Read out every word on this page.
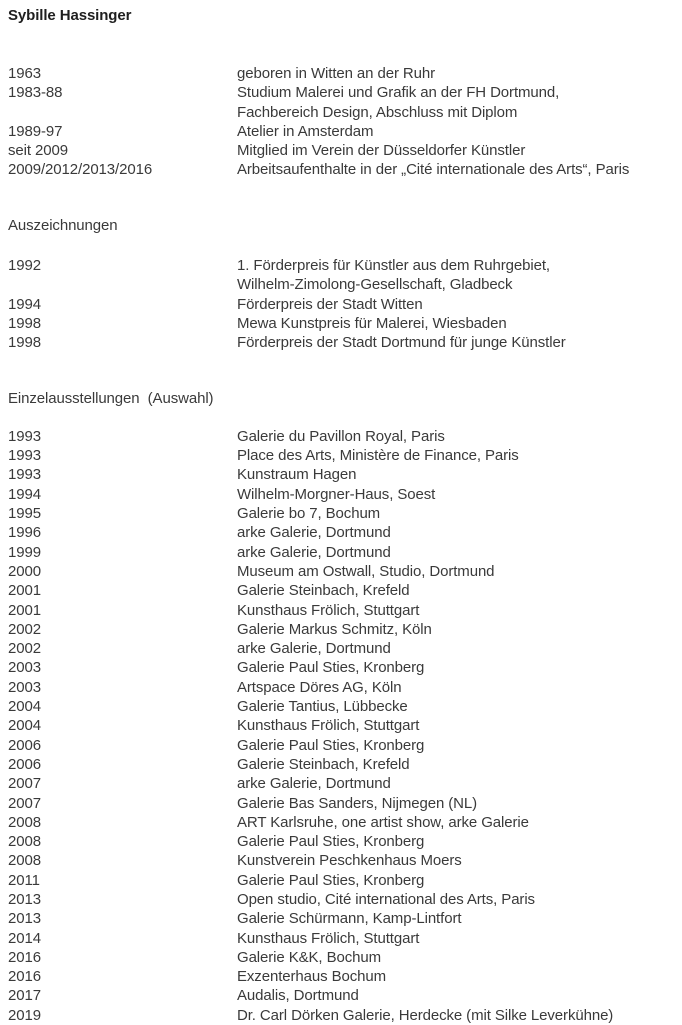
Sybille Hassinger
1963	geboren in Witten an der Ruhr
1983-88	Studium Malerei und Grafik an der FH Dortmund,
Fachbereich Design, Abschluss mit Diplom
1989-97	Atelier in Amsterdam
seit 2009	Mitglied im Verein der Düsseldorfer Künstler
2009/2012/2013/2016	Arbeitsaufenthalte in der „Cité internationale des Arts“, Paris
Auszeichnungen
1992	1. Förderpreis für Künstler aus dem Ruhrgebiet,
Wilhelm-Zimolong-Gesellschaft, Gladbeck
1994	Förderpreis der Stadt Witten
1998	Mewa Kunstpreis für Malerei, Wiesbaden
1998	Förderpreis der Stadt Dortmund für junge Künstler
Einzelausstellungen  (Auswahl)
1993	Galerie du Pavillon Royal, Paris
1993	Place des Arts, Ministère de Finance, Paris
1993	Kunstraum Hagen
1994	Wilhelm-Morgner-Haus, Soest
1995	Galerie bo 7, Bochum
1996	arke Galerie, Dortmund
1999	arke Galerie, Dortmund
2000	Museum am Ostwall, Studio, Dortmund
2001	Galerie Steinbach, Krefeld
2001	Kunsthaus Frölich, Stuttgart
2002	Galerie Markus Schmitz, Köln
2002	arke Galerie, Dortmund
2003	Galerie Paul Sties, Kronberg
2003	Artspace Döres AG, Köln
2004	Galerie Tantius, Lübbecke
2004	Kunsthaus Frölich, Stuttgart
2006	Galerie Paul Sties, Kronberg
2006	Galerie Steinbach, Krefeld
2007	arke Galerie, Dortmund
2007	Galerie Bas Sanders, Nijmegen (NL)
2008	ART Karlsruhe, one artist show, arke Galerie
2008	Galerie Paul Sties, Kronberg
2008	Kunstverein Peschkenhaus Moers
2011	Galerie Paul Sties, Kronberg
2013	Open studio, Cité international des Arts, Paris
2013	Galerie Schürmann, Kamp-Lintfort
2014	Kunsthaus Frölich, Stuttgart
2016	Galerie K&K, Bochum
2016	Exzenterhaus Bochum
2017	Audalis, Dortmund
2019	Dr. Carl Dörken Galerie, Herdecke (mit Silke Leverkühne)
